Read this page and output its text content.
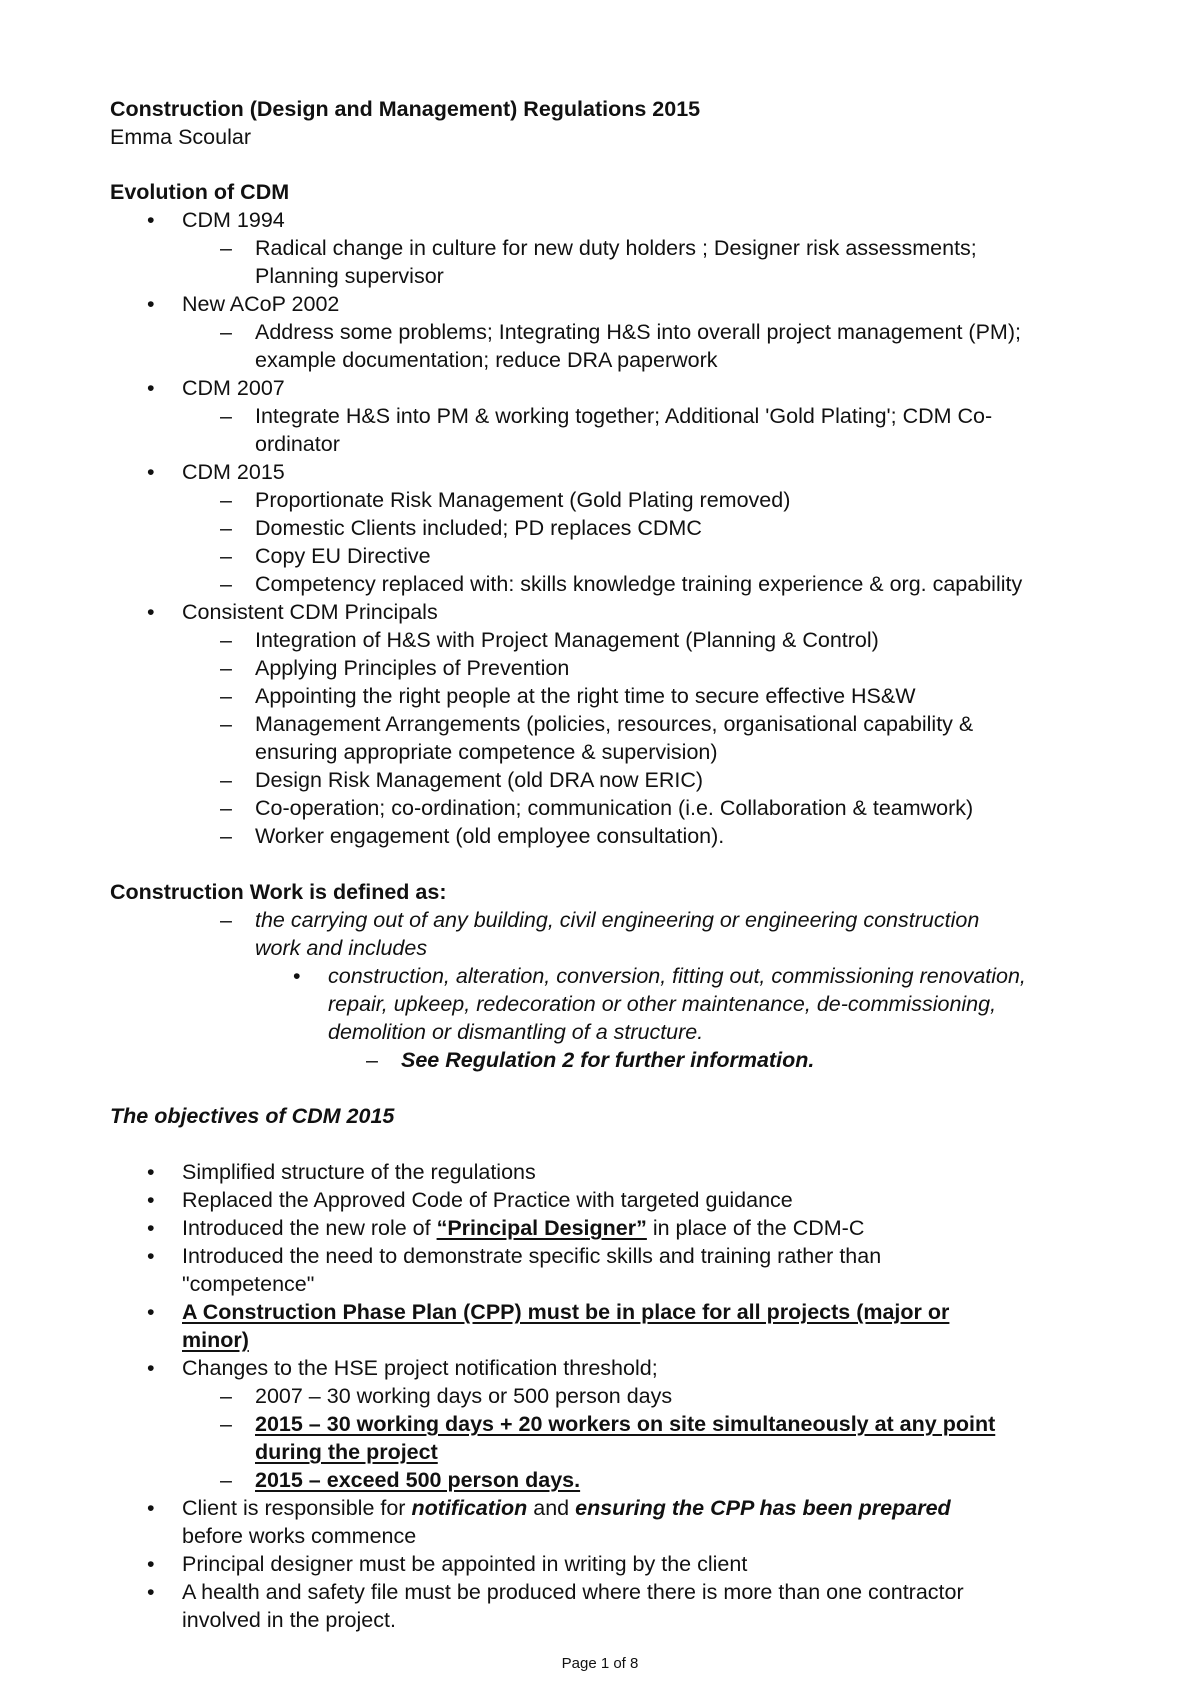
Construction (Design and Management) Regulations 2015
Emma Scoular
Evolution of CDM
• CDM 1994
– Radical change in culture for new duty holders ; Designer risk assessments;
Planning supervisor
• New ACoP 2002
– Address some problems; Integrating H&S into overall project management (PM);
example documentation; reduce DRA paperwork
• CDM 2007
– Integrate H&S into PM & working together; Additional 'Gold Plating'; CDM Co-
ordinator
• CDM 2015
– Proportionate Risk Management (Gold Plating removed)
– Domestic Clients included; PD replaces CDMC
– Copy EU Directive
– Competency replaced with: skills knowledge training experience & org. capability
• Consistent CDM Principals
– Integration of H&S with Project Management (Planning & Control)
– Applying Principles of Prevention
– Appointing the right people at the right time to secure effective HS&W
– Management Arrangements (policies, resources, organisational capability &
ensuring appropriate competence & supervision)
– Design Risk Management (old DRA now ERIC)
– Co-operation; co-ordination; communication (i.e. Collaboration & teamwork)
– Worker engagement (old employee consultation).
Construction Work is defined as:
– the carrying out of any building, civil engineering or engineering construction
work and includes
• construction, alteration, conversion, fitting out, commissioning renovation,
repair, upkeep, redecoration or other maintenance, de-commissioning,
demolition or dismantling of a structure.
– See Regulation 2 for further information.
The objectives of CDM 2015
• Simplified structure of the regulations
• Replaced the Approved Code of Practice with targeted guidance
• Introduced the new role of “Principal Designer” in place of the CDM-C
• Introduced the need to demonstrate specific skills and training rather than
"competence"
• A Construction Phase Plan (CPP) must be in place for all projects (major or
minor)
• Changes to the HSE project notification threshold;
– 2007 – 30 working days or 500 person days
– 2015 – 30 working days + 20 workers on site simultaneously at any point
during the project
– 2015 – exceed 500 person days.
• Client is responsible for notification and ensuring the CPP has been prepared
before works commence
• Principal designer must be appointed in writing by the client
• A health and safety file must be produced where there is more than one contractor
involved in the project.
Page 1 of 8
